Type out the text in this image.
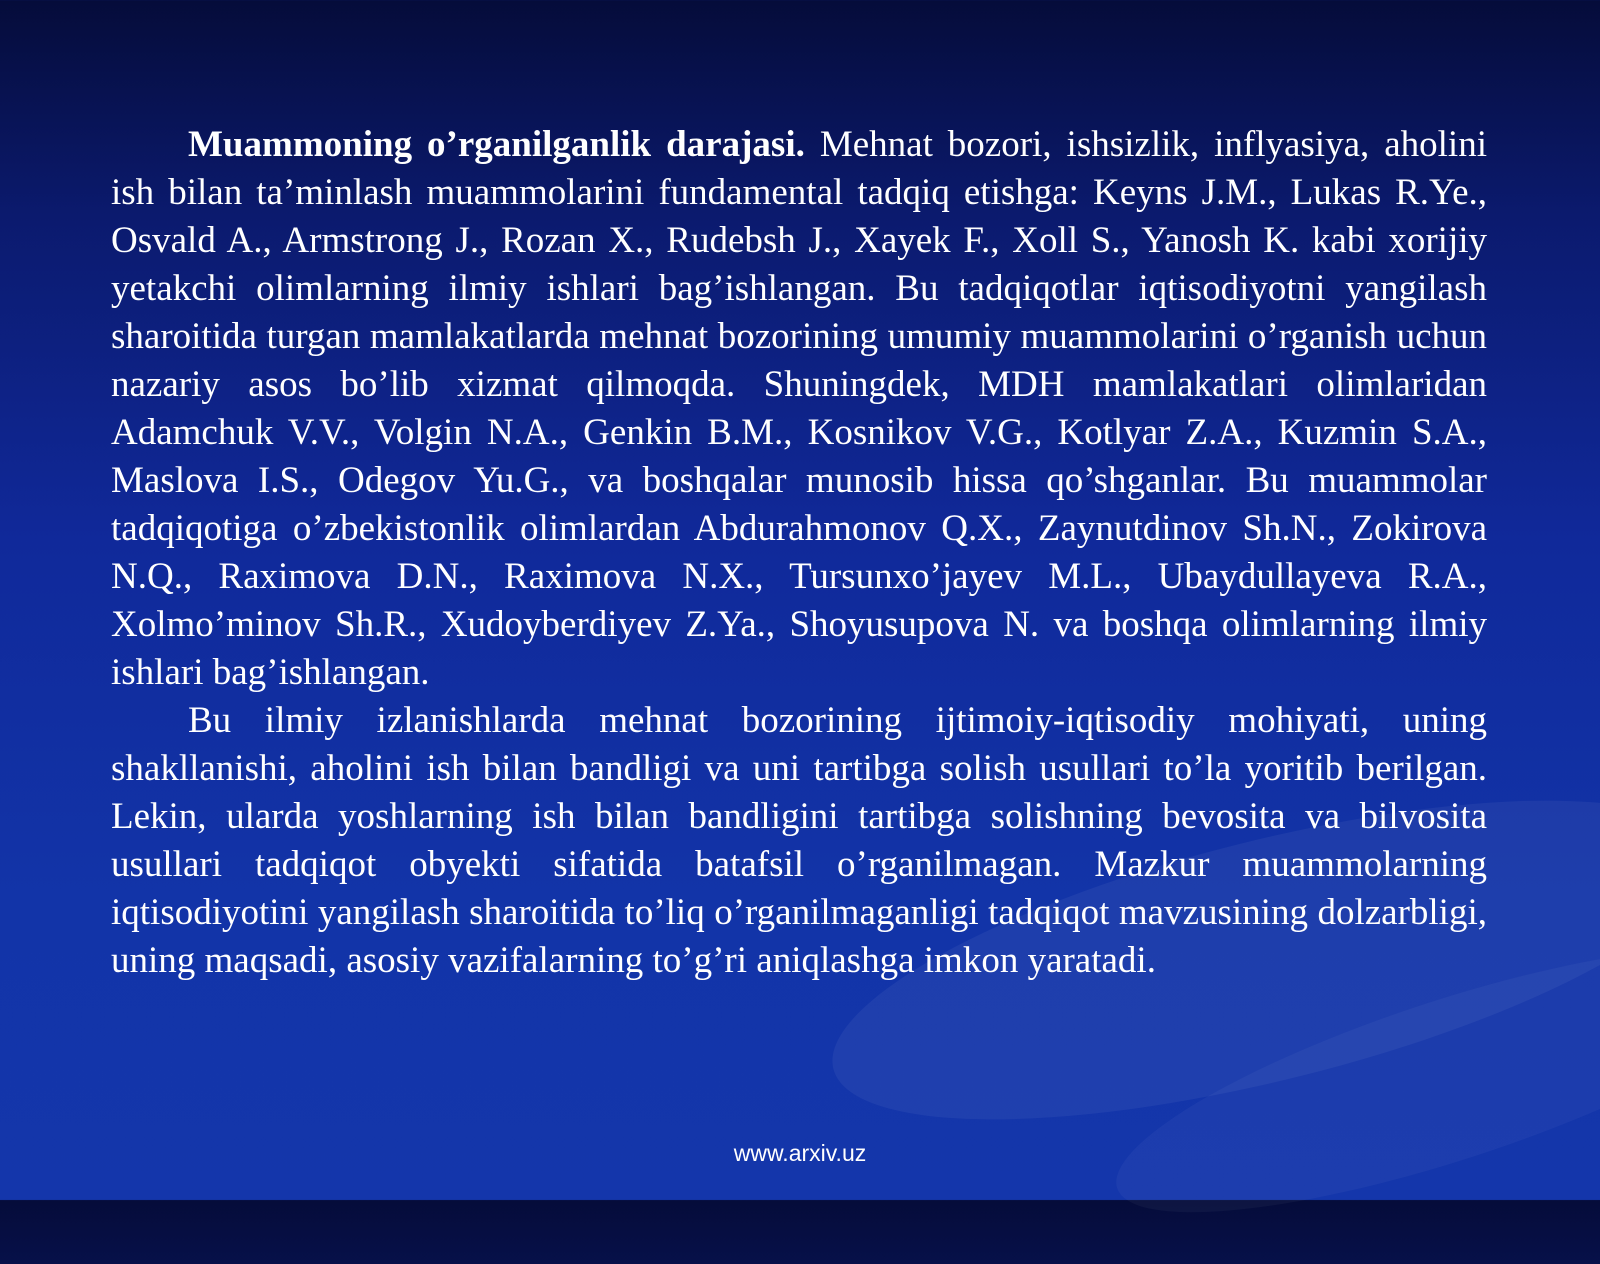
Muammoning o’rganilganlik darajasi. Mehnat bozori, ishsizlik, inflyasiya, aholini ish bilan ta’minlash muammolarini fundamental tadqiq etishga: Keyns J.M., Lukas R.Ye., Osvald A., Armstrong J., Rozan X., Rudebsh J., Xayek F., Xoll S., Yanosh K. kabi xorijiy yetakchi olimlarning ilmiy ishlari bag’ishlangan. Bu tadqiqotlar iqtisodiyotni yangilash sharoitida turgan mamlakatlarda mehnat bozorining umumiy muammolarini o’rganish uchun nazariy asos bo’lib xizmat qilmoqda. Shuningdek, MDH mamlakatlari olimlaridan Adamchuk V.V., Volgin N.A., Genkin B.M., Kosnikov V.G., Kotlyar Z.A., Kuzmin S.A., Maslova I.S., Odegov Yu.G., va boshqalar munosib hissa qo’shganlar. Bu muammolar tadqiqotiga o’zbekistonlik olimlardan Abdurahmonov Q.X., Zaynutdinov Sh.N., Zokirova N.Q., Raximova D.N., Raximova N.X., Tursunxo’jayev M.L., Ubaydullayeva R.A., Xolmo’minov Sh.R., Xudoyberdiyev Z.Ya., Shoyusupova N. va boshqa olimlarning ilmiy ishlari bag’ishlangan.

Bu ilmiy izlanishlarda mehnat bozorining ijtimoiy-iqtisodiy mohiyati, uning shakllanishi, aholini ish bilan bandligi va uni tartibga solish usullari to’la yoritib berilgan. Lekin, ularda yoshlarning ish bilan bandligini tartibga solishning bevosita va bilvosita usullari tadqiqot obyekti sifatida batafsil o’rganilmagan. Mazkur muammolarning iqtisodiyotini yangilash sharoitida to’liq o’rganilmaganligi tadqiqot mavzusining dolzarbligi, uning maqsadi, asosiy vazifalarning to’g’ri aniqlashga imkon yaratadi.

www.arxiv.uz
